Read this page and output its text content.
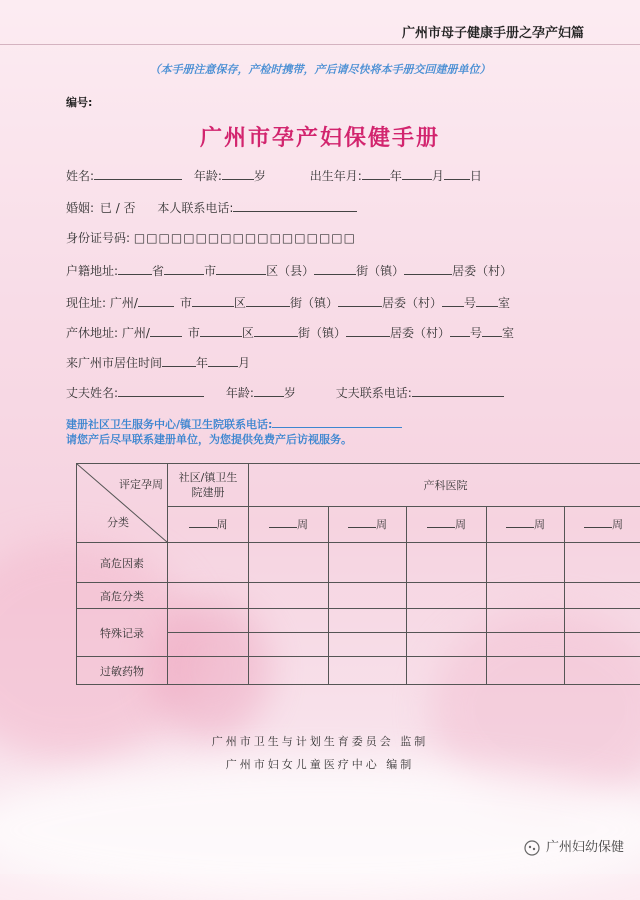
广州市母子健康手册之孕产妇篇
（本手册注意保存，产检时携带，产后请尽快将本手册交回建册单位）
编号:
广州市孕产妇保健手册
姓名:	年龄:	岁	出生年月: 年	月 日
婚姻: 已 / 否 本人联系电话:
身份证号码: □□□□□□□□□□□□□□□□□□
户籍地址:	省	市	区（县）	街（镇）	居委（村）
现住址: 广州/	市	区	街（镇）	居委（村） 号 室
产休地址: 广州/	市	区	街（镇）	居委（村） 号 室
来广州市居住时间	年	月
丈夫姓名:	年龄:	岁	丈夫联系电话:
建册社区卫生服务中心/镇卫生院联系电话:
请您产后尽早联系建册单位，为您提供免费产后访视服务。
评定孕周
分类	社区/镇卫生院建册	产科医院				
	周	周	周	周	周	周
高危因素						
高危分类						
特殊记录						

过敏药物						
广州市卫生与计划生育委员会 监制
广州市妇女儿童医疗中心 编制
广州妇幼保健
